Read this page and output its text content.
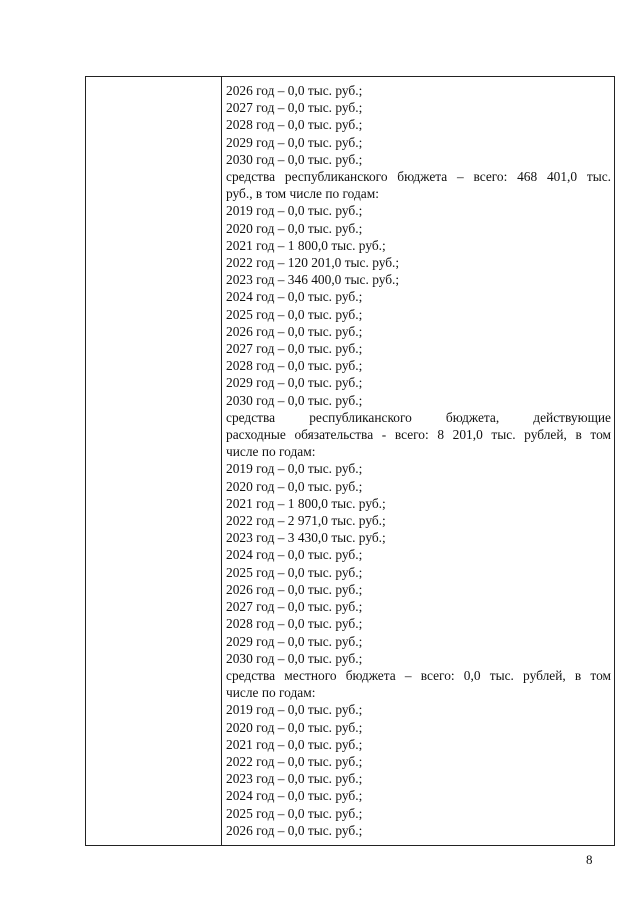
2026 год – 0,0 тыс. руб.;
2027 год – 0,0 тыс. руб.;
2028 год – 0,0 тыс. руб.;
2029 год – 0,0 тыс. руб.;
2030 год – 0,0 тыс. руб.;
средства республиканского бюджета – всего: 468 401,0 тыс.
руб., в том числе по годам:
2019 год – 0,0 тыс. руб.;
2020 год – 0,0 тыс. руб.;
2021 год – 1 800,0 тыс. руб.;
2022 год – 120 201,0 тыс. руб.;
2023 год – 346 400,0 тыс. руб.;
2024 год – 0,0 тыс. руб.;
2025 год – 0,0 тыс. руб.;
2026 год – 0,0 тыс. руб.;
2027 год – 0,0 тыс. руб.;
2028 год – 0,0 тыс. руб.;
2029 год – 0,0 тыс. руб.;
2030 год – 0,0 тыс. руб.;
средства республиканского бюджета, действующие
расходные обязательства - всего: 8 201,0 тыс. рублей, в том
числе по годам:
2019 год – 0,0 тыс. руб.;
2020 год – 0,0 тыс. руб.;
2021 год – 1 800,0 тыс. руб.;
2022 год – 2 971,0 тыс. руб.;
2023 год – 3 430,0 тыс. руб.;
2024 год – 0,0 тыс. руб.;
2025 год – 0,0 тыс. руб.;
2026 год – 0,0 тыс. руб.;
2027 год – 0,0 тыс. руб.;
2028 год – 0,0 тыс. руб.;
2029 год – 0,0 тыс. руб.;
2030 год – 0,0 тыс. руб.;
средства местного бюджета – всего: 0,0 тыс. рублей, в том
числе по годам:
2019 год – 0,0 тыс. руб.;
2020 год – 0,0 тыс. руб.;
2021 год – 0,0 тыс. руб.;
2022 год – 0,0 тыс. руб.;
2023 год – 0,0 тыс. руб.;
2024 год – 0,0 тыс. руб.;
2025 год – 0,0 тыс. руб.;
2026 год – 0,0 тыс. руб.;
8
